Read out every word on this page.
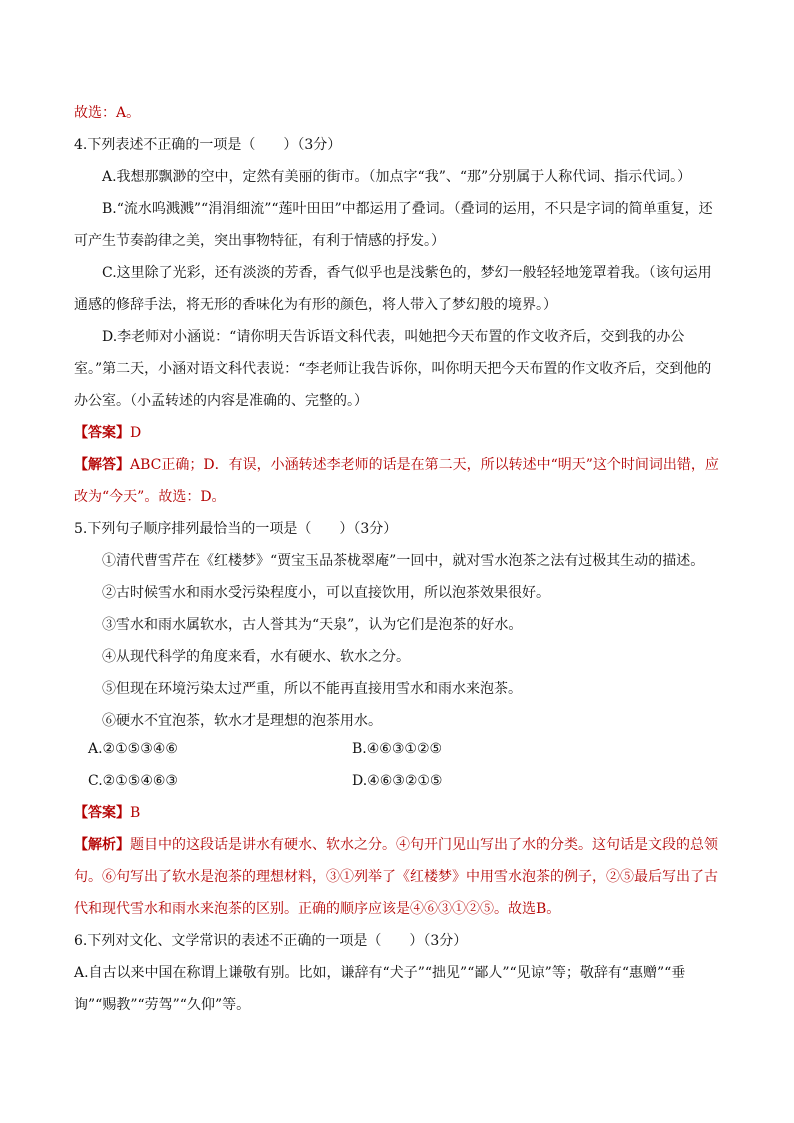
故选：A。
4.下列表述不正确的一项是（　　）（3分）
A.我想那飘渺的空中，定然有美丽的街市。（加点字“我”、“那”分别属于人称代词、指示代词。）
B.“流水呜溅溅”“涓涓细流”“莲叶田田”中都运用了叠词。（叠词的运用，不只是字词的简单重复，还可产生节奏韵律之美，突出事物特征，有利于情感的抒发。）
C.这里除了光彩，还有淡淡的芳香，香气似乎也是浅紫色的，梦幻一般轻轻地笼罩着我。（该句运用通感的修辞手法，将无形的香味化为有形的颜色，将人带入了梦幻般的境界。）
D.李老师对小涵说：“请你明天告诉语文科代表，叫她把今天布置的作文收齐后，交到我的办公室。”第二天，小涵对语文科代表说：“李老师让我告诉你，叫你明天把今天布置的作文收齐后，交到他的办公室。（小孟转述的内容是准确的、完整的。）
【答案】D
【解答】ABC正确；D．有误，小涵转述李老师的话是在第二天，所以转述中“明天”这个时间词出错，应改为“今天”。故选：D。
5.下列句子顺序排列最恰当的一项是（　　）（3分）
①清代曹雪芹在《红楼梦》“贾宝玉品茶栊翠庵”一回中，就对雪水泡茶之法有过极其生动的描述。
②古时候雪水和雨水受污染程度小，可以直接饮用，所以泡茶效果很好。
③雪水和雨水属软水，古人誉其为“天泉”，认为它们是泡茶的好水。
④从现代科学的角度来看，水有硬水、软水之分。
⑤但现在环境污染太过严重，所以不能再直接用雪水和雨水来泡茶。
⑥硬水不宜泡茶，软水才是理想的泡茶用水。
A.②①⑤③④⑥	B.④⑥③①②⑤
C.②①⑤④⑥③	D.④⑥③②①⑤
【答案】B
【解析】题目中的这段话是讲水有硬水、软水之分。④句开门见山写出了水的分类。这句话是文段的总领句。⑥句写出了软水是泡茶的理想材料，③①列举了《红楼梦》中用雪水泡茶的例子，②⑤最后写出了古代和现代雪水和雨水来泡茶的区别。正确的顺序应该是④⑥③①②⑤。故选B。
6.下列对文化、文学常识的表述不正确的一项是（　　）（3分）
A.自古以来中国在称谓上谦敬有别。比如，谦辞有“犬子”“拙见”“鄙人”“见谅”等；敬辞有“惠赠”“垂询”“赐教”“劳驾”“久仰”等。
